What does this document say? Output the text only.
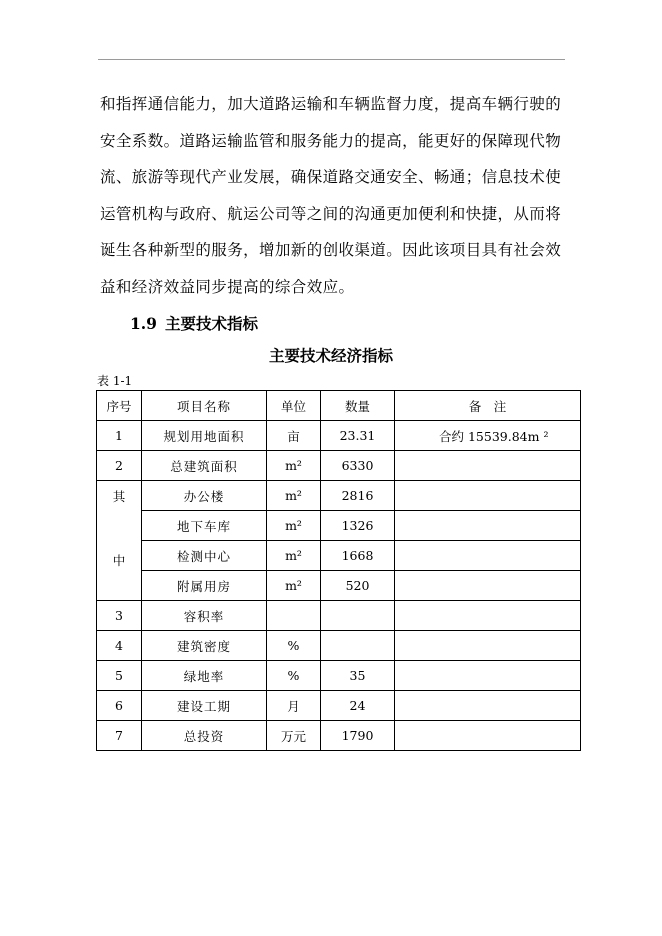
和指挥通信能力，加大道路运输和车辆监督力度，提高车辆行驶的
安全系数。道路运输监管和服务能力的提高，能更好的保障现代物
流、旅游等现代产业发展，确保道路交通安全、畅通；信息技术使
运管机构与政府、航运公司等之间的沟通更加便利和快捷，从而将
诞生各种新型的服务，增加新的创收渠道。因此该项目具有社会效
益和经济效益同步提高的综合效应。
1.9 主要技术指标
主要技术经济指标
表 1-1
序号	项目名称	单位	数量	备　注
1	规划用地面积	亩	23.31	合约 15539.84m ²
2	总建筑面积	m²	6330	

其
中	办公楼	m²	2816	
	地下车库	m²	1326	
	检测中心	m²	1668	
	附属用房	m²	520	
3	容积率			
4	建筑密度	%		
5	绿地率	%	35	
6	建设工期	月	24	
7	总投资	万元	1790	
